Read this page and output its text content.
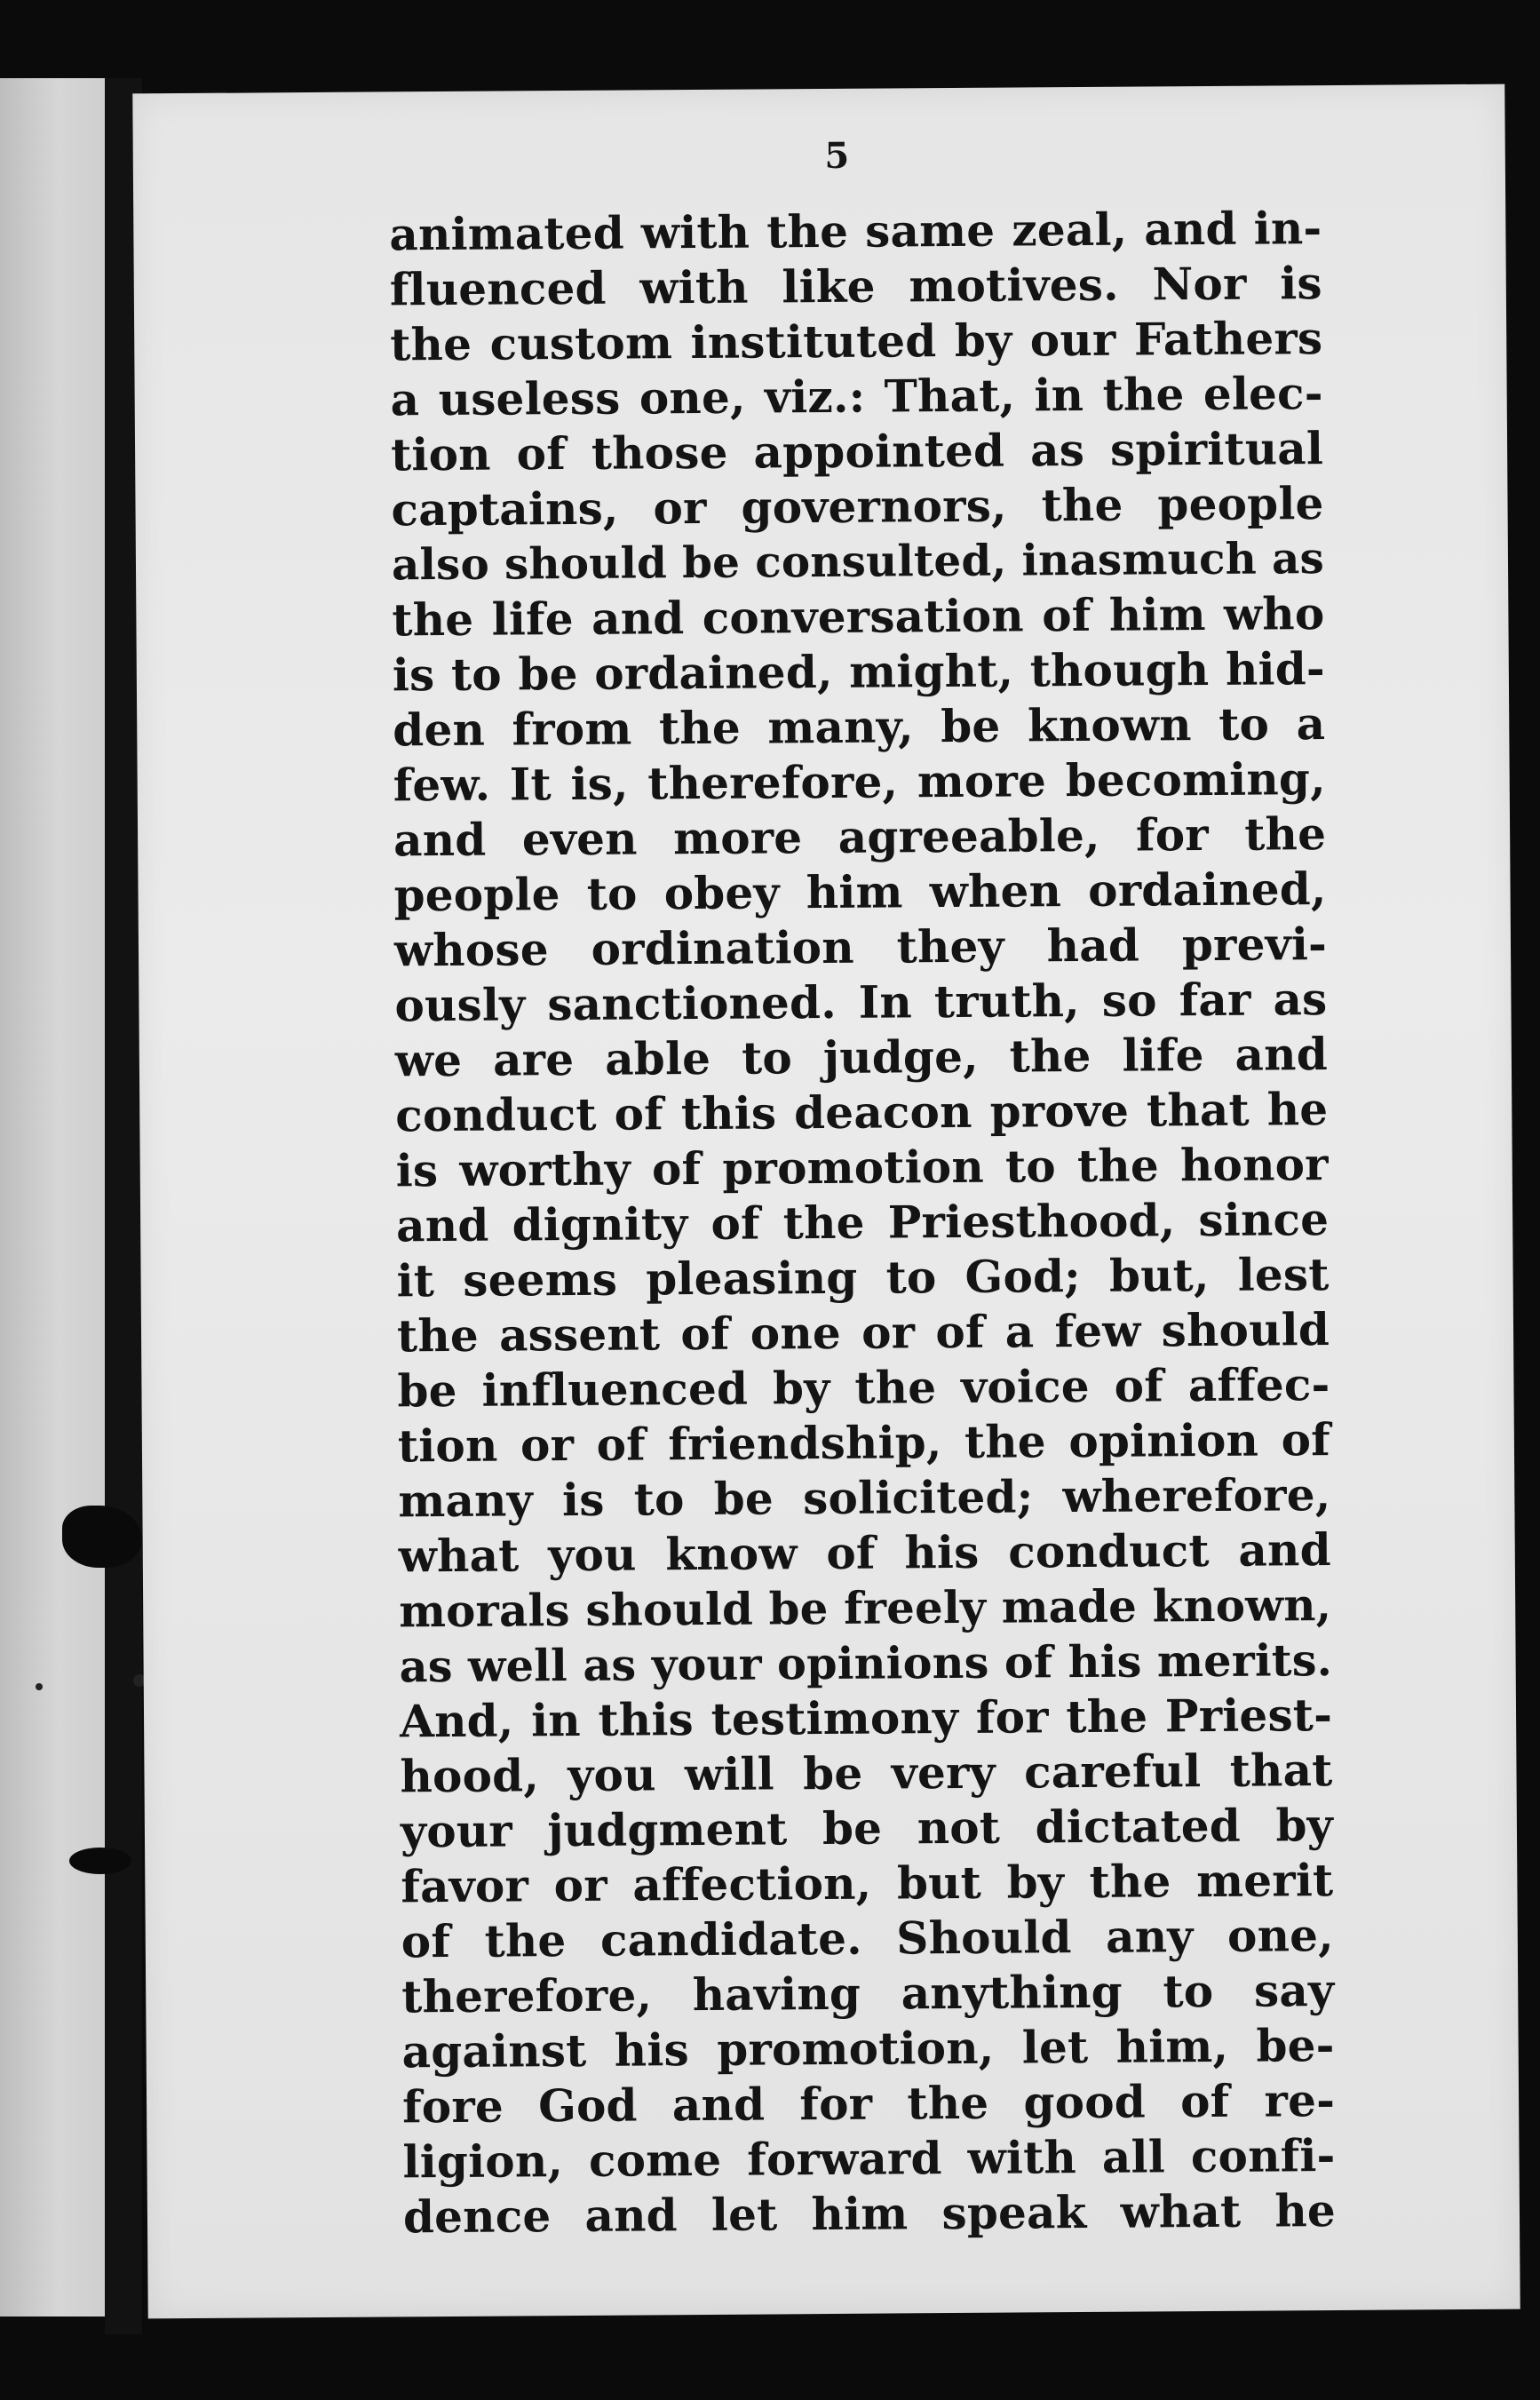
5
animated with the same zeal, and in-
fluenced with like motives. Nor is
the custom instituted by our Fathers
a useless one, viz.: That, in the elec-
tion of those appointed as spiritual
captains, or governors, the people
also should be consulted, inasmuch as
the life and conversation of him who
is to be ordained, might, though hid-
den from the many, be known to a
few. It is, therefore, more becoming,
and even more agreeable, for the
people to obey him when ordained,
whose ordination they had previ-
ously sanctioned. In truth, so far as
we are able to judge, the life and
conduct of this deacon prove that he
is worthy of promotion to the honor
and dignity of the Priesthood, since
it seems pleasing to God; but, lest
the assent of one or of a few should
be influenced by the voice of affec-
tion or of friendship, the opinion of
many is to be solicited; wherefore,
what you know of his conduct and
morals should be freely made known,
as well as your opinions of his merits.
And, in this testimony for the Priest-
hood, you will be very careful that
your judgment be not dictated by
favor or affection, but by the merit
of the candidate. Should any one,
therefore, having anything to say
against his promotion, let him, be-
fore God and for the good of re-
ligion, come forward with all confi-
dence and let him speak what he
